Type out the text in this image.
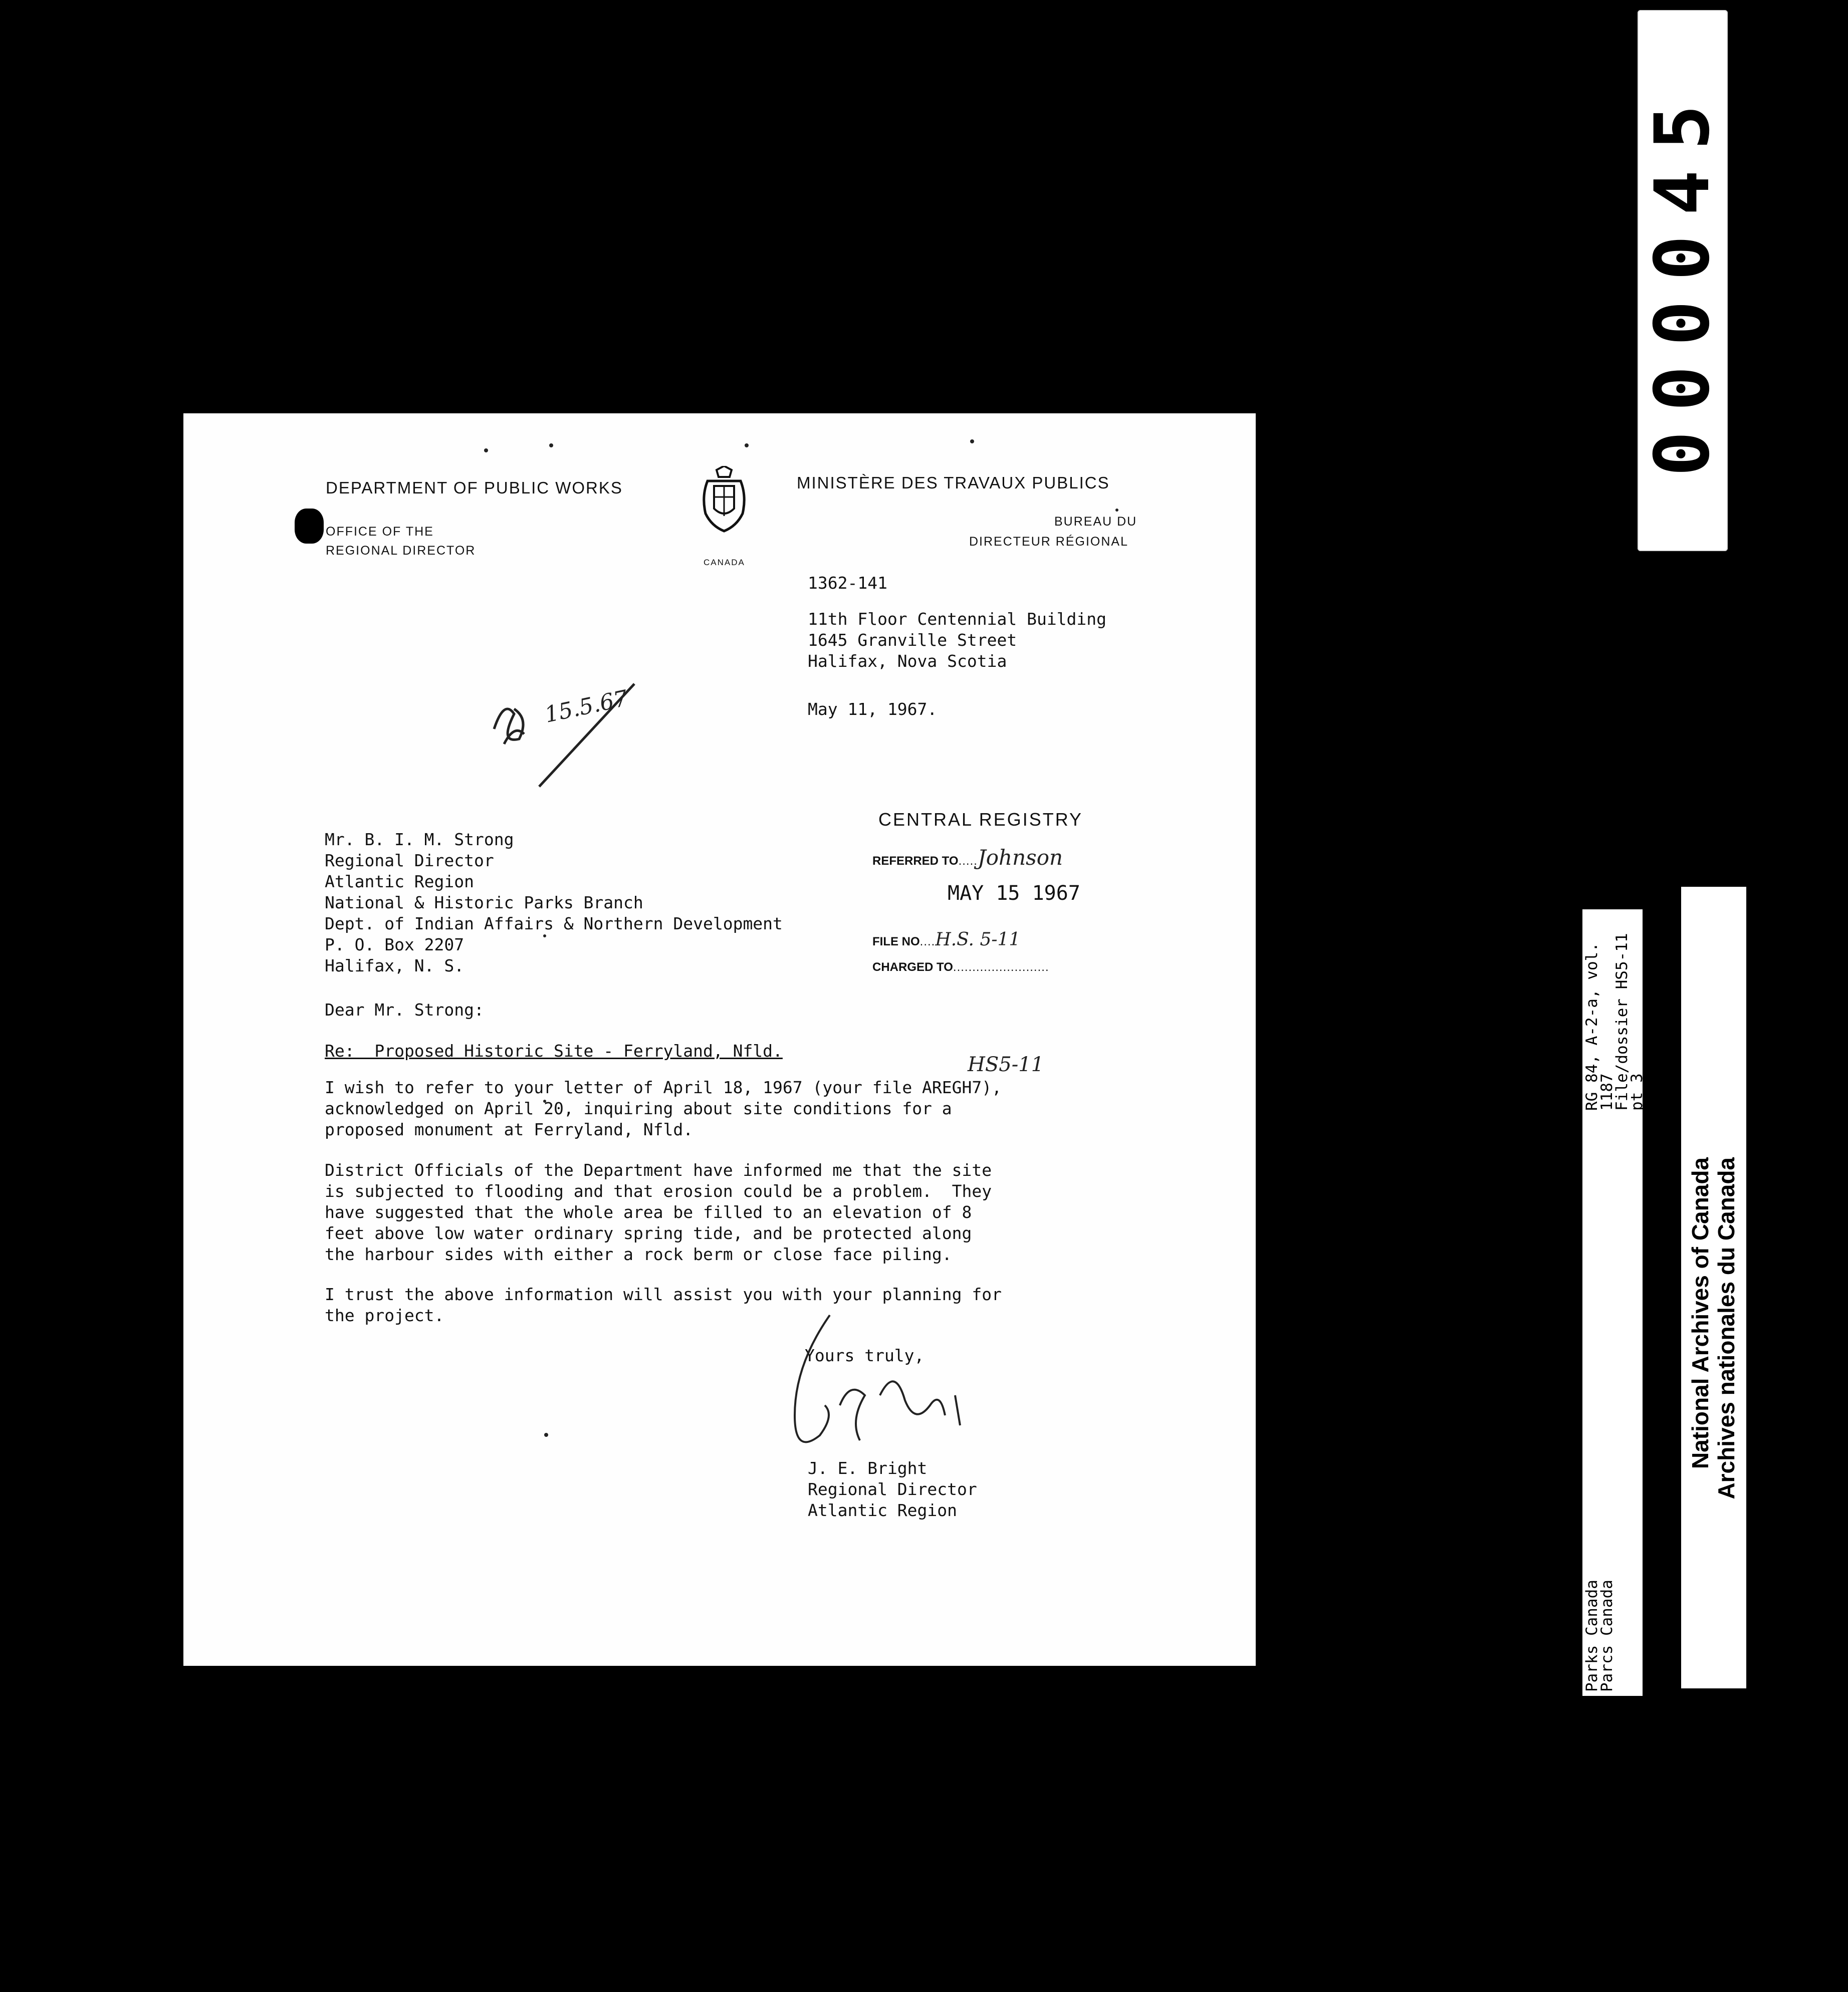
000045
Parks Canada
Parcs Canada
RG 84, A-2-a, vol. 1187
File/dossier HS5-11
pt 3
National Archives of Canada Archives nationales du Canada
DEPARTMENT OF PUBLIC WORKS
OFFICE OF THE
REGIONAL DIRECTOR
CANADA
MINISTÈRE DES TRAVAUX PUBLICS
BUREAU DU
DIRECTEUR RÉGIONAL
1362-141
11th Floor Centennial Building
1645 Granville Street
Halifax, Nova Scotia
May 11, 1967.
15.5.67
CENTRAL REGISTRY
REFERRED TO.....Johnson
MAY 15 1967
FILE NO....H.S. 5-11
CHARGED TO.........................
Mr. B. I. M. Strong
Regional Director
Atlantic Region
National & Historic Parks Branch
Dept. of Indian Affairs & Northern Development
P. O. Box 2207
Halifax, N. S.
Dear Mr. Strong:
Re:  Proposed Historic Site - Ferryland, Nfld.
HS5-11
I wish to refer to your letter of April 18, 1967 (your file AREGH7),
acknowledged on April 20, inquiring about site conditions for a
proposed monument at Ferryland, Nfld.
District Officials of the Department have informed me that the site
is subjected to flooding and that erosion could be a problem.  They
have suggested that the whole area be filled to an elevation of 8
feet above low water ordinary spring tide, and be protected along
the harbour sides with either a rock berm or close face piling.
I trust the above information will assist you with your planning for
the project.
Yours truly,
J. E. Bright
Regional Director
Atlantic Region
